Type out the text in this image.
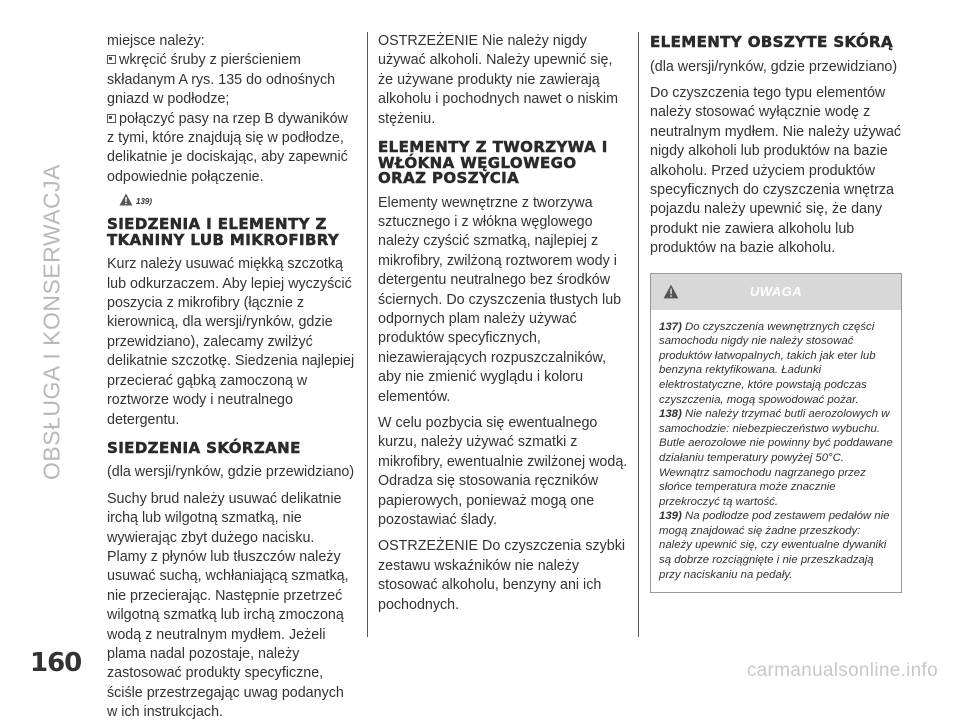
OBSŁUGA I KONSERWACJA
160

miejsce należy:

wkręcić śruby z pierścieniem składanym A rys. 135 do odnośnych gniazd w podłodze;

połączyć pasy na rzep B dywaników z tymi, które znajdują się w podłodze, delikatnie je dociskając, aby zapewnić odpowiednie połączenie.

139)
SIEDZENIA I ELEMENTY Z TKANINY LUB MIKROFIBRY

Kurz należy usuwać miękką szczotką lub odkurzaczem. Aby lepiej wyczyścić poszycia z mikrofibry (łącznie z kierownicą, dla wersji/rynków, gdzie przewidziano), zalecamy zwilżyć delikatnie szczotkę. Siedzenia najlepiej przecierać gąbką zamoczoną w roztworze wody i neutralnego detergentu.

SIEDZENIA SKÓRZANE

(dla wersji/rynków, gdzie przewidziano)

Suchy brud należy usuwać delikatnie irchą lub wilgotną szmatką, nie wywierając zbyt dużego nacisku. Plamy z płynów lub tłuszczów należy usuwać suchą, wchłaniającą szmatką, nie przecierając. Następnie przetrzeć wilgotną szmatką lub irchą zmoczoną wodą z neutralnym mydłem. Jeżeli plama nadal pozostaje, należy zastosować produkty specyficzne, ściśle przestrzegając uwag podanych w ich instrukcjach.

OSTRZEŻENIE Nie należy nigdy używać alkoholi. Należy upewnić się, że używane produkty nie zawierają alkoholu i pochodnych nawet o niskim stężeniu.

ELEMENTY Z TWORZYWA I WŁÓKNA WĘGLOWEGO ORAZ POSZYCIA

Elementy wewnętrzne z tworzywa sztucznego i z włókna węglowego należy czyścić szmatką, najlepiej z mikrofibry, zwilżoną roztworem wody i detergentu neutralnego bez środków ściernych. Do czyszczenia tłustych lub odpornych plam należy używać produktów specyficznych, niezawierających rozpuszczalników, aby nie zmienić wyglądu i koloru elementów.

W celu pozbycia się ewentualnego kurzu, należy używać szmatki z mikrofibry, ewentualnie zwilżonej wodą. Odradza się stosowania ręczników papierowych, ponieważ mogą one pozostawiać ślady.

OSTRZEŻENIE Do czyszczenia szybki zestawu wskaźników nie należy stosować alkoholu, benzyny ani ich pochodnych.

ELEMENTY OBSZYTE SKÓRĄ

(dla wersji/rynków, gdzie przewidziano)

Do czyszczenia tego typu elementów należy stosować wyłącznie wodę z neutralnym mydłem. Nie należy używać nigdy alkoholi lub produktów na bazie alkoholu. Przed użyciem produktów specyficznych do czyszczenia wnętrza pojazdu należy upewnić się, że dany produkt nie zawiera alkoholu lub produktów na bazie alkoholu.

UWAGA

137) Do czyszczenia wewnętrznych części samochodu nigdy nie należy stosować produktów łatwopalnych, takich jak eter lub benzyna rektyfikowana. Ładunki elektrostatyczne, które powstają podczas czyszczenia, mogą spowodować pożar.

138) Nie należy trzymać butli aerozolowych w samochodzie: niebezpieczeństwo wybuchu. Butle aerozolowe nie powinny być poddawane działaniu temperatury powyżej 50°C. Wewnątrz samochodu nagrzanego przez słońce temperatura może znacznie przekroczyć tą wartość.

139) Na podłodze pod zestawem pedałów nie mogą znajdować się żadne przeszkody: należy upewnić się, czy ewentualne dywaniki są dobrze rozciągnięte i nie przeszkadzają przy naciskaniu na pedały.

carmanualsonline.info
